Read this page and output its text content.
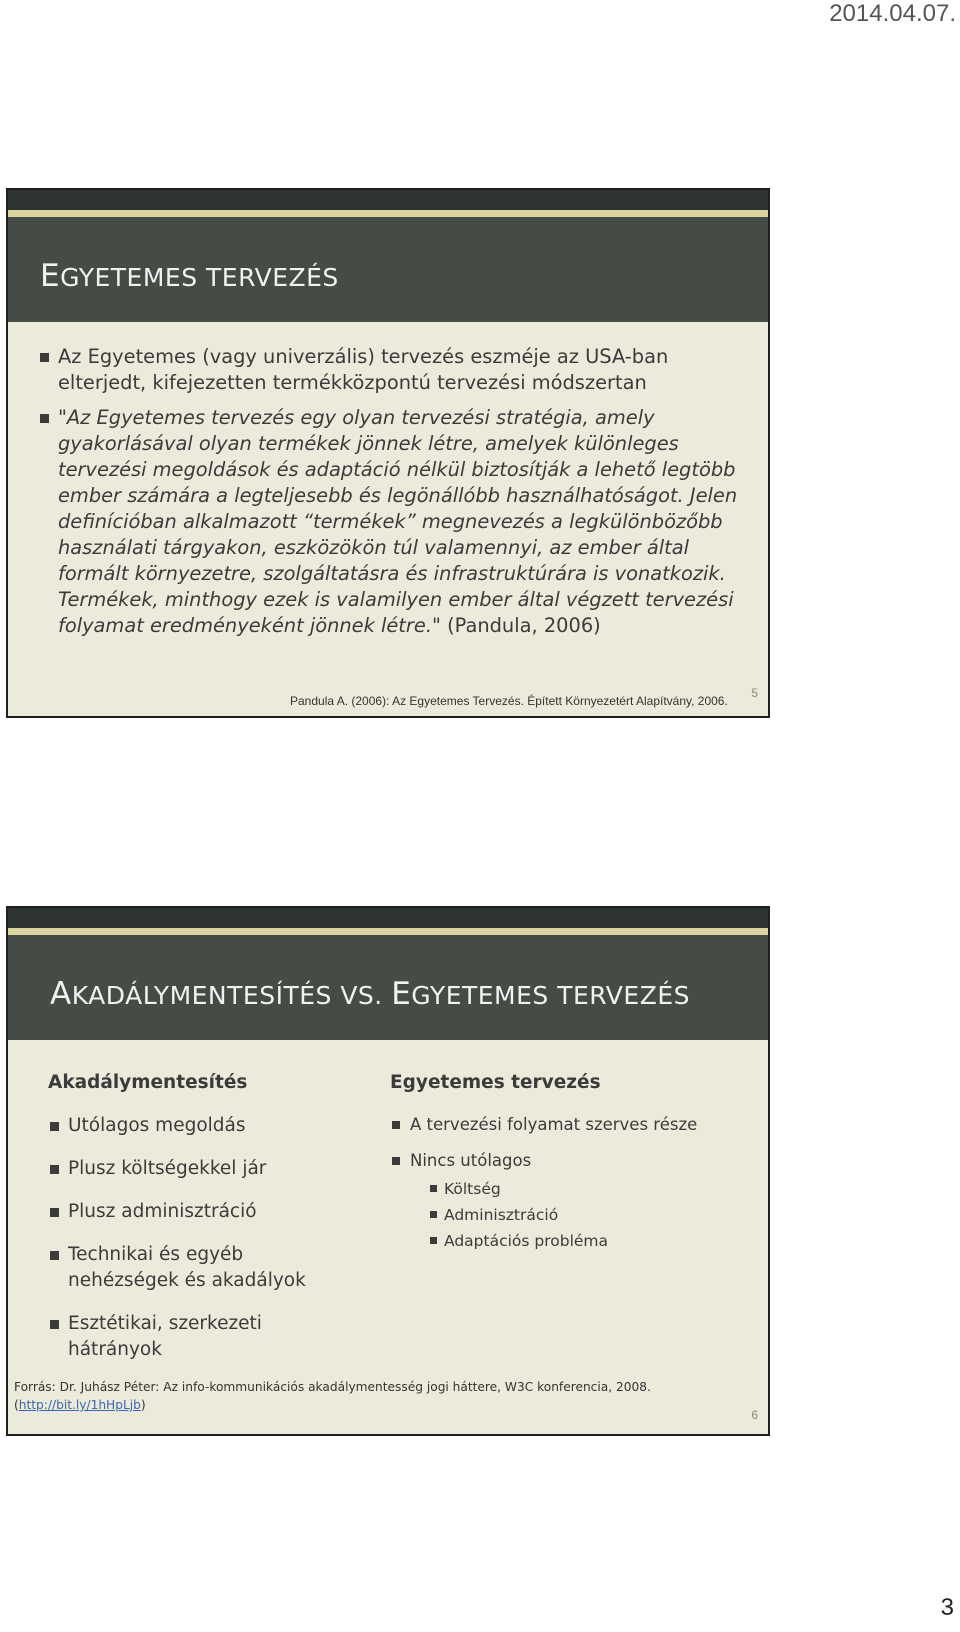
2014.04.07.
EGYETEMES TERVEZÉS
Az Egyetemes (vagy univerzális) tervezés eszméje az USA-ban elterjedt, kifejezetten termékközpontú tervezési módszertan
"Az Egyetemes tervezés egy olyan tervezési stratégia, amely gyakorlásával olyan termékek jönnek létre, amelyek különleges tervezési megoldások és adaptáció nélkül biztosítják a lehető legtöbb ember számára a legteljesebb és legönállóbb használhatóságot. Jelen definícióban alkalmazott “termékek” megnevezés a legkülönbözőbb használati tárgyakon, eszközökön túl valamennyi, az ember által formált környezetre, szolgáltatásra és infrastruktúrára is vonatkozik. Termékek, minthogy ezek is valamilyen ember által végzett tervezési folyamat eredményeként jönnek létre." (Pandula, 2006)
Pandula A. (2006): Az Egyetemes Tervezés. Épített Környezetért Alapítvány, 2006.
5
AKADÁLYMENTESÍTÉS VS. EGYETEMES TERVEZÉS
Akadálymentesítés
Utólagos megoldás
Plusz költségekkel jár
Plusz adminisztráció
Technikai és egyéb nehézségek és akadályok
Esztétikai, szerkezeti hátrányok
Egyetemes tervezés
A tervezési folyamat szerves része
Nincs utólagos
Költség
Adminisztráció
Adaptációs probléma
Forrás: Dr. Juhász Péter: Az info-kommunikációs akadálymentesség jogi háttere, W3C konferencia, 2008.
(http://bit.ly/1hHpLjb)
6
3
